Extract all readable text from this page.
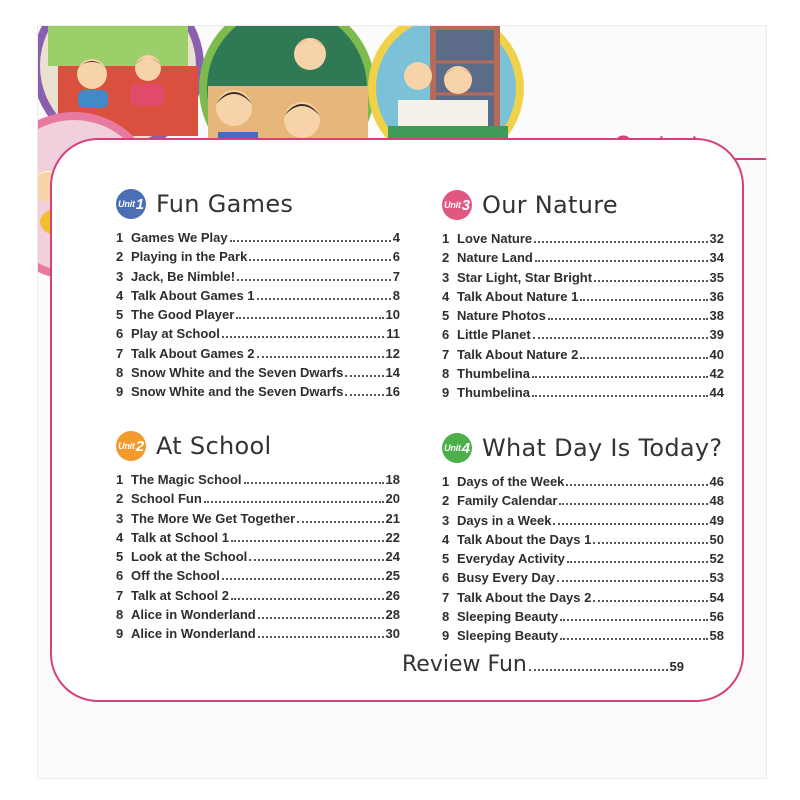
Unit 1 Fun Games
1 Games We Play	4
2 Playing in the Park	6
3 Jack, Be Nimble!	7
4 Talk About Games 1	8
5 The Good Player	10
6 Play at School	11
7 Talk About Games 2	12
8 Snow White and the Seven Dwarfs	14
9 Snow White and the Seven Dwarfs	16
Unit 2 At School
1 The Magic School	18
2 School Fun	20
3 The More We Get Together	21
4 Talk at School 1	22
5 Look at the School	24
6 Off the School	25
7 Talk at School 2	26
8 Alice in Wonderland	28
9 Alice in Wonderland	30
Unit 3 Our Nature
1 Love Nature	32
2 Nature Land	34
3 Star Light, Star Bright	35
4 Talk About Nature 1	36
5 Nature Photos	38
6 Little Planet	39
7 Talk About Nature 2	40
8 Thumbelina	42
9 Thumbelina	44
Unit 4 What Day Is Today?
1 Days of the Week	46
2 Family Calendar	48
3 Days in a Week	49
4 Talk About the Days 1	50
5 Everyday Activity	52
6 Busy Every Day	53
7 Talk About the Days 2	54
8 Sleeping Beauty	56
9 Sleeping Beauty	58
Review Fun	59
